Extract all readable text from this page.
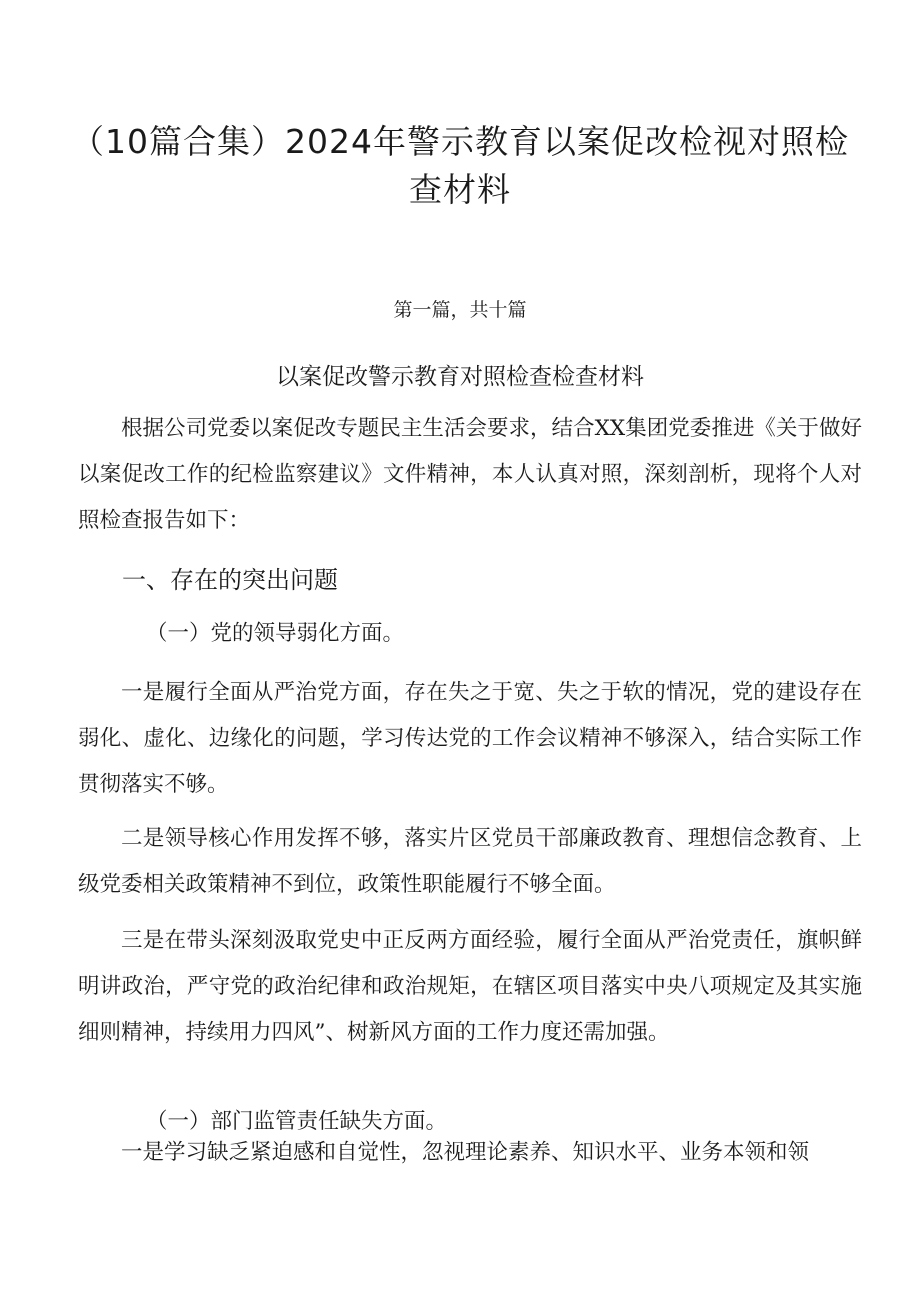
（10篇合集）2024年警示教育以案促改检视对照检查材料
第一篇，共十篇
以案促改警示教育对照检查检查材料
根据公司党委以案促改专题民主生活会要求，结合XX集团党委推进《关于做好以案促改工作的纪检监察建议》文件精神，本人认真对照，深刻剖析，现将个人对照检查报告如下：
一、存在的突出问题
（一）党的领导弱化方面。
一是履行全面从严治党方面，存在失之于宽、失之于软的情况，党的建设存在弱化、虚化、边缘化的问题，学习传达党的工作会议精神不够深入，结合实际工作贯彻落实不够。
二是领导核心作用发挥不够，落实片区党员干部廉政教育、理想信念教育、上级党委相关政策精神不到位，政策性职能履行不够全面。
三是在带头深刻汲取党史中正反两方面经验，履行全面从严治党责任，旗帜鲜明讲政治，严守党的政治纪律和政治规矩，在辖区项目落实中央八项规定及其实施细则精神，持续用力四风”、树新风方面的工作力度还需加强。
（一）部门监管责任缺失方面。
一是学习缺乏紧迫感和自觉性，忽视理论素养、知识水平、业务本领和领
